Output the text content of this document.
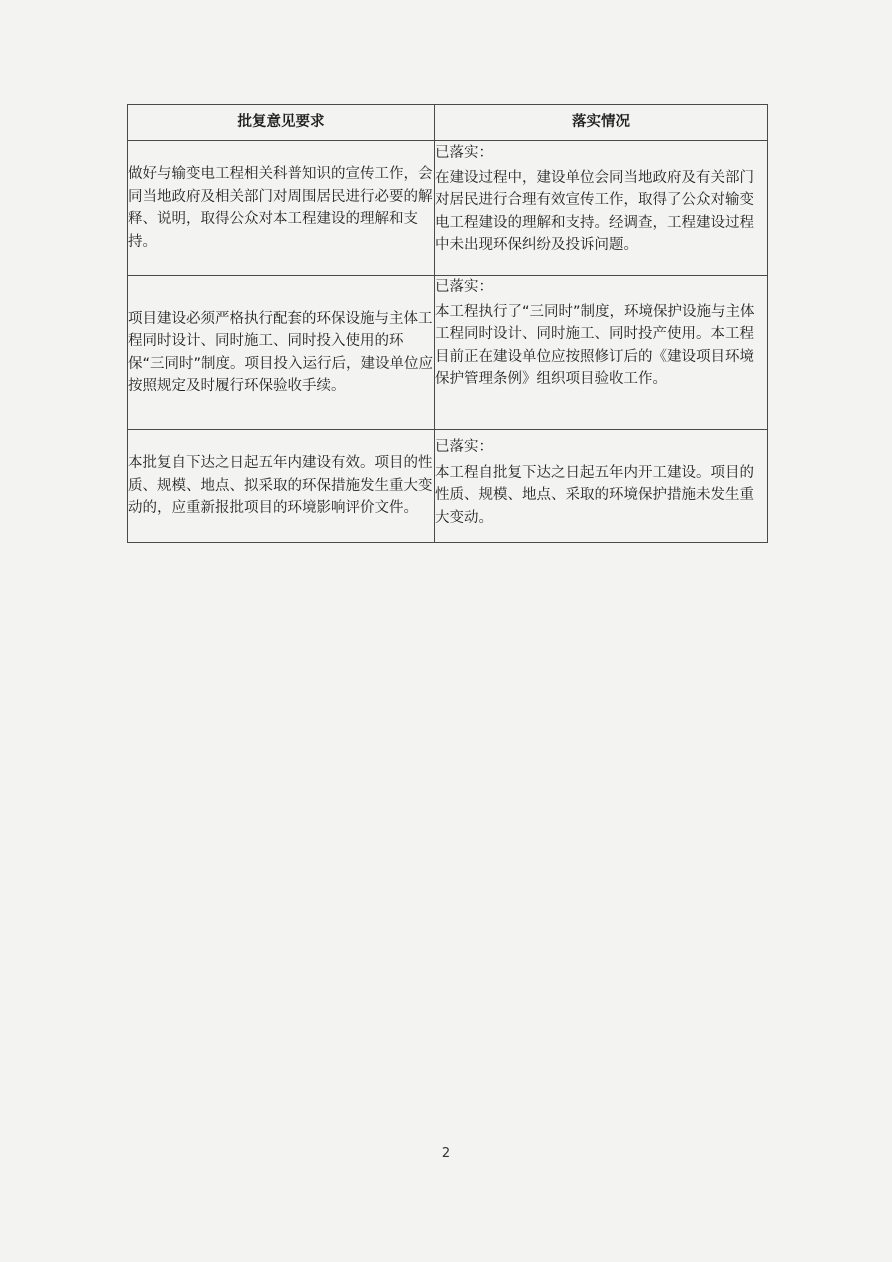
批复意见要求	落实情况
做好与输变电工程相关科普知识的宣传工作，会同当地政府及相关部门对周围居民进行必要的解释、说明，取得公众对本工程建设的理解和支持。	已落实：
在建设过程中，建设单位会同当地政府及有关部门对居民进行合理有效宣传工作，取得了公众对输变电工程建设的理解和支持。经调查，工程建设过程中未出现环保纠纷及投诉问题。

项目建设必须严格执行配套的环保设施与主体工程同时设计、同时施工、同时投入使用的环保“三同时”制度。项目投入运行后，建设单位应按照规定及时履行环保验收手续。	已落实：
本工程执行了“三同时”制度，环境保护设施与主体工程同时设计、同时施工、同时投产使用。本工程目前正在建设单位应按照修订后的《建设项目环境保护管理条例》组织项目验收工作。

本批复自下达之日起五年内建设有效。项目的性质、规模、地点、拟采取的环保措施发生重大变动的，应重新报批项目的环境影响评价文件。	已落实：
本工程自批复下达之日起五年内开工建设。项目的性质、规模、地点、采取的环境保护措施未发生重大变动。
2
